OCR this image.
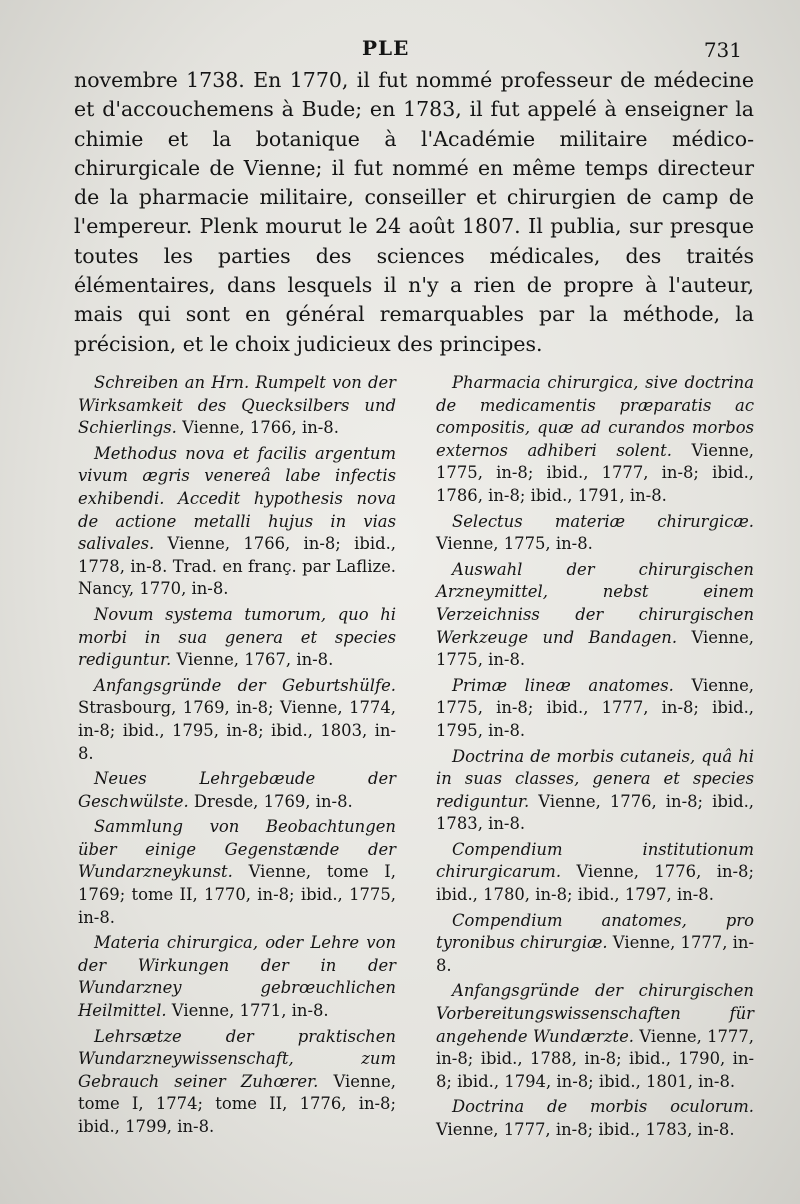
PLE	731

novembre 1738. En 1770, il fut nommé professeur de médecine et d'accouchemens à Bude; en 1783, il fut appelé à enseigner la chimie et la botanique à l'Académie militaire médico-chirurgicale de Vienne; il fut nommé en même temps directeur de la pharmacie militaire, conseiller et chirurgien de camp de l'empereur. Plenk mourut le 24 août 1807. Il publia, sur presque toutes les parties des sciences médicales, des traités élémentaires, dans lesquels il n'y a rien de propre à l'auteur, mais qui sont en général remarquables par la méthode, la précision, et le choix judicieux des principes.

Schreiben an Hrn. Rumpelt von der Wirksamkeit des Quecksilbers und Schierlings. Vienne, 1766, in-8.

Methodus nova et facilis argentum vivum ægris venereâ labe infectis exhibendi. Accedit hypothesis nova de actione metalli hujus in vias salivales. Vienne, 1766, in-8; ibid., 1778, in-8. Trad. en franç. par Laflize. Nancy, 1770, in-8.

Novum systema tumorum, quo hi morbi in sua genera et species rediguntur. Vienne, 1767, in-8.

Anfangsgründe der Geburtshülfe. Strasbourg, 1769, in-8; Vienne, 1774, in-8; ibid., 1795, in-8; ibid., 1803, in-8.

Neues Lehrgebæude der Geschwülste. Dresde, 1769, in-8.

Sammlung von Beobachtungen über einige Gegenstænde der Wundarzneykunst. Vienne, tome I, 1769; tome II, 1770, in-8; ibid., 1775, in-8.

Materia chirurgica, oder Lehre von der Wirkungen der in der Wundarzney gebrœuchlichen Heilmittel. Vienne, 1771, in-8.

Lehrsætze der praktischen Wundarzneywissenschaft, zum Gebrauch seiner Zuhœrer. Vienne, tome I, 1774; tome II, 1776, in-8; ibid., 1799, in-8.

Pharmacia chirurgica, sive doctrina de medicamentis præparatis ac compositis, quæ ad curandos morbos externos adhiberi solent. Vienne, 1775, in-8; ibid., 1777, in-8; ibid., 1786, in-8; ibid., 1791, in-8.

Selectus materiæ chirurgicæ. Vienne, 1775, in-8.

Auswahl der chirurgischen Arzneymittel, nebst einem Verzeichniss der chirurgischen Werkzeuge und Bandagen. Vienne, 1775, in-8.

Primæ lineæ anatomes. Vienne, 1775, in-8; ibid., 1777, in-8; ibid., 1795, in-8.

Doctrina de morbis cutaneis, quâ hi in suas classes, genera et species rediguntur. Vienne, 1776, in-8; ibid., 1783, in-8.

Compendium institutionum chirurgicarum. Vienne, 1776, in-8; ibid., 1780, in-8; ibid., 1797, in-8.

Compendium anatomes, pro tyronibus chirurgiæ. Vienne, 1777, in-8.

Anfangsgründe der chirurgischen Vorbereitungswissenschaften für angehende Wundærzte. Vienne, 1777, in-8; ibid., 1788, in-8; ibid., 1790, in-8; ibid., 1794, in-8; ibid., 1801, in-8.

Doctrina de morbis oculorum. Vienne, 1777, in-8; ibid., 1783, in-8.
